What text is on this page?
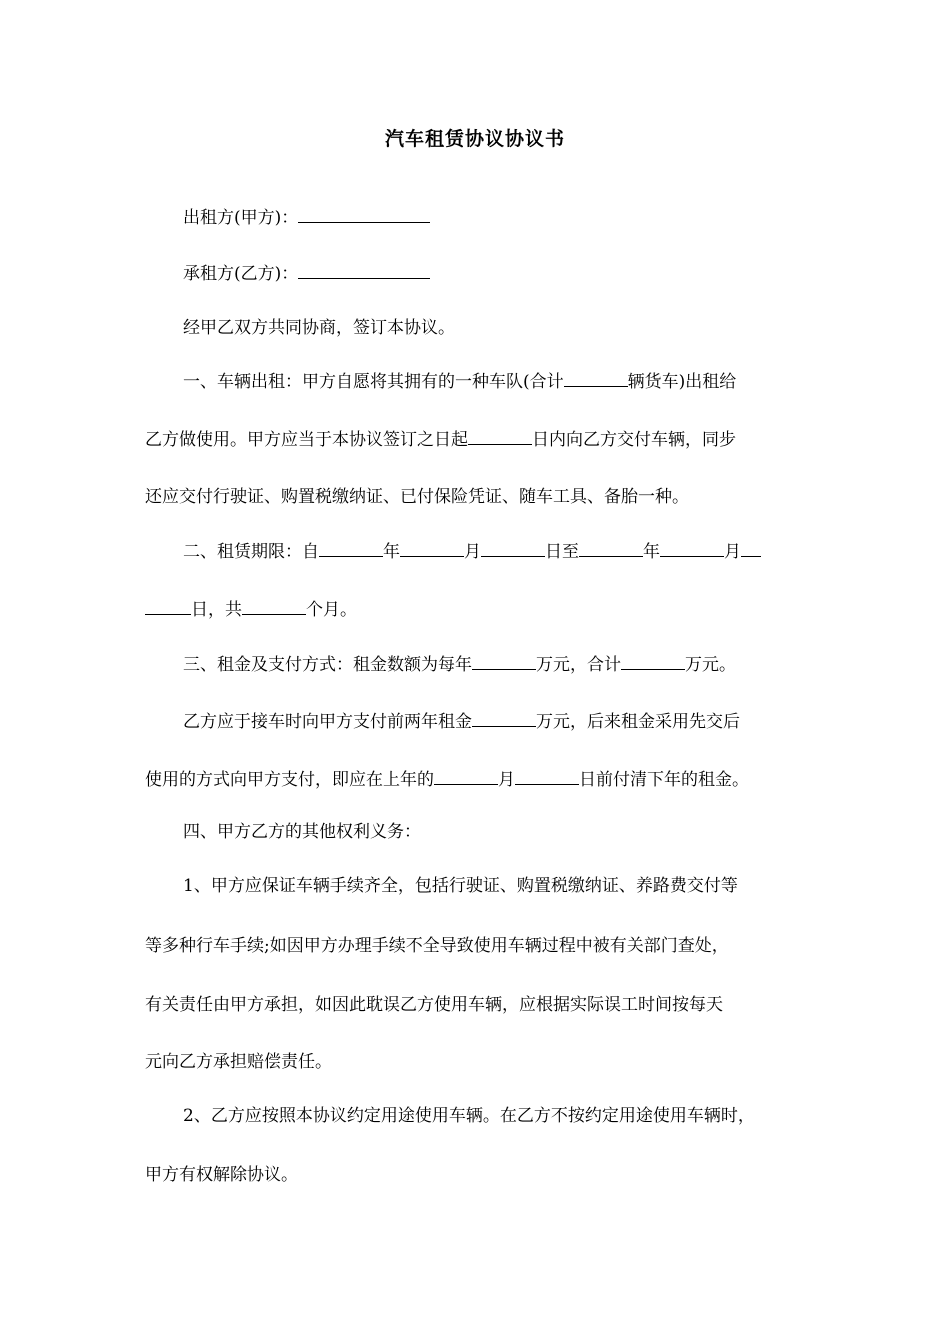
汽车租赁协议协议书
出租方(甲方)：
承租方(乙方)：
经甲乙双方共同协商，签订本协议。
一、车辆出租：甲方自愿将其拥有的一种车队(合计	辆货车)出租给
乙方做使用。甲方应当于本协议签订之日起	日内向乙方交付车辆，同步
还应交付行驶证、购置税缴纳证、已付保险凭证、随车工具、备胎一种。
二、租赁期限：自	年	月	日至	年	月
日，共	个月。
三、租金及支付方式：租金数额为每年	万元，合计	万元。
乙方应于接车时向甲方支付前两年租金	万元，后来租金采用先交后
使用的方式向甲方支付，即应在上年的	月	日前付清下年的租金。
四、甲方乙方的其他权利义务：
1、甲方应保证车辆手续齐全，包括行驶证、购置税缴纳证、养路费交付等
等多种行车手续;如因甲方办理手续不全导致使用车辆过程中被有关部门查处，
有关责任由甲方承担，如因此耽误乙方使用车辆，应根据实际误工时间按每天
元向乙方承担赔偿责任。
2、乙方应按照本协议约定用途使用车辆。在乙方不按约定用途使用车辆时，
甲方有权解除协议。
